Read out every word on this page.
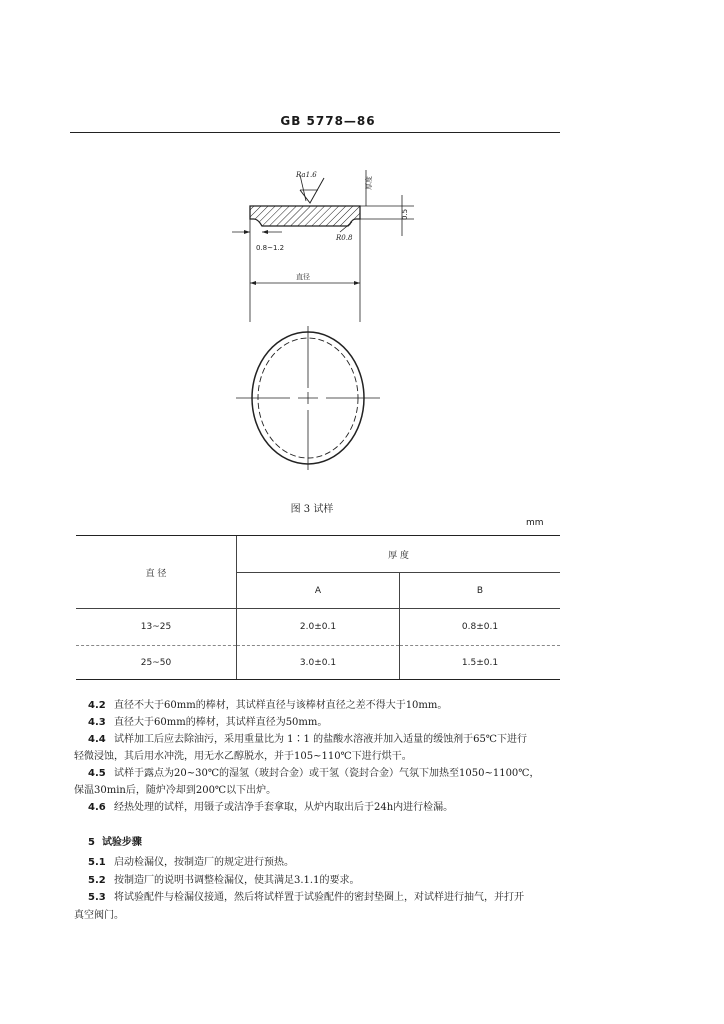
GB 5778—86
Ra1.6
厚度
0.5
R0.8
0.8~1.2
直径
图 3 试样
mm
直 径	厚 度	
	A	B
13~25	2.0±0.1	0.8±0.1
25~50	3.0±0.1	1.5±0.1

4.2 直径不大于60mm的棒材，其试样直径与该棒材直径之差不得大于10mm。

4.3 直径大于60mm的棒材，其试样直径为50mm。

4.4 试样加工后应去除油污，采用重量比为 1∶1 的盐酸水溶液并加入适量的缓蚀剂于65℃下进行

轻微浸蚀，其后用水冲洗，用无水乙醇脱水，并于105~110℃下进行烘干。

4.5 试样于露点为20~30℃的湿氢（玻封合金）或干氢（瓷封合金）气氛下加热至1050~1100℃，

保温30min后，随炉冷却到200℃以下出炉。

4.6 经热处理的试样，用镊子或洁净手套拿取，从炉内取出后于24h内进行检漏。

5 试验步骤

5.1 启动检漏仪，按制造厂的规定进行预热。

5.2 按制造厂的说明书调整检漏仪，使其满足3.1.1的要求。

5.3 将试验配件与检漏仪接通，然后将试样置于试验配件的密封垫圈上，对试样进行抽气，并打开

真空阀门。
